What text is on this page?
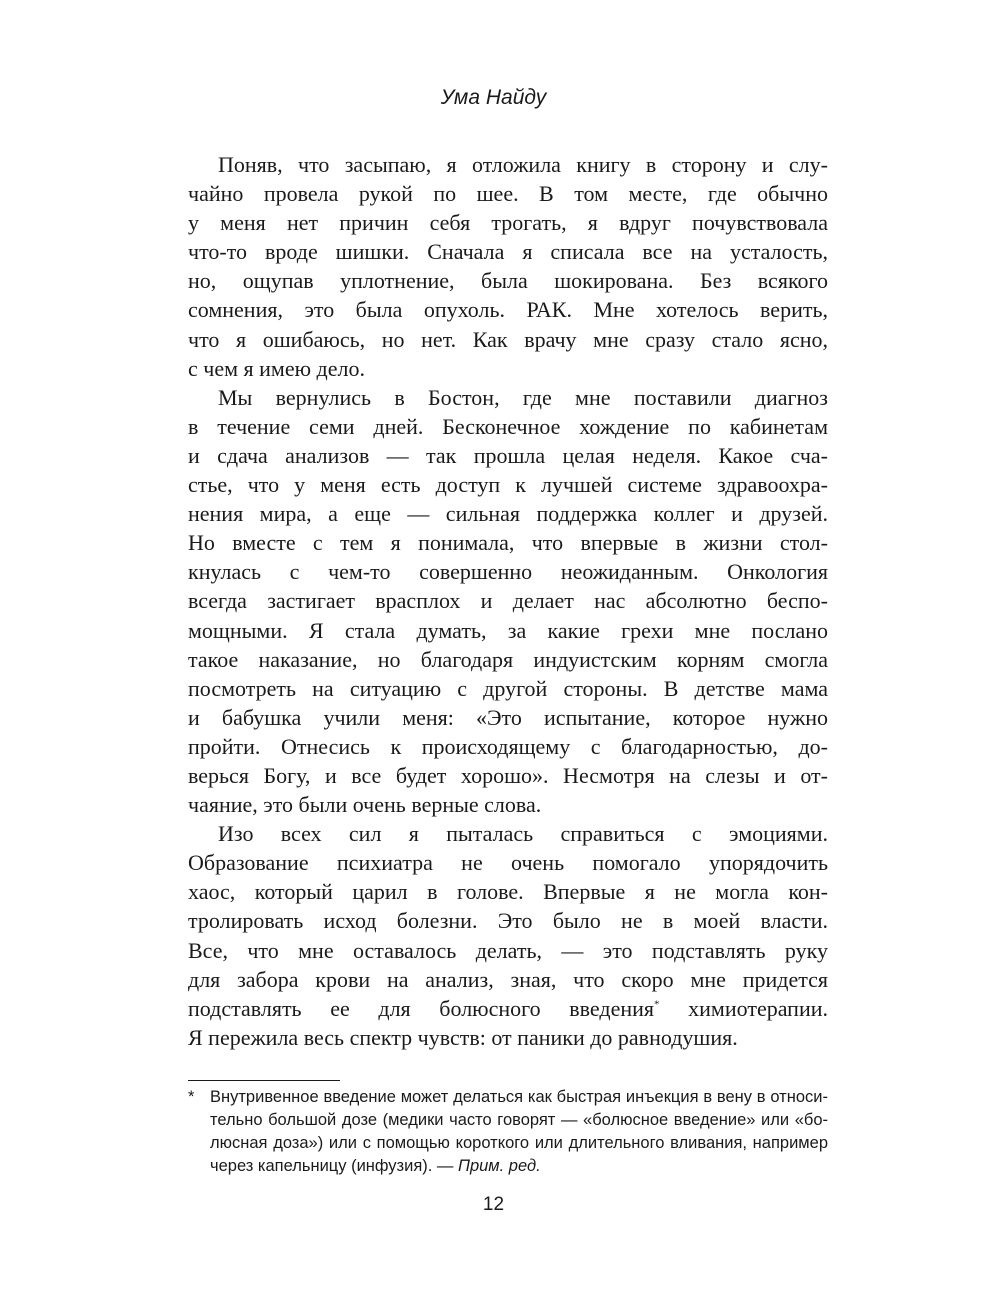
Ума Найду
Поняв, что засыпаю, я отложила книгу в сторону и слу-
чайно провела рукой по шее. В том месте, где обычно
у меня нет причин себя трогать, я вдруг почувствовала
что-то вроде шишки. Сначала я списала все на усталость,
но, ощупав уплотнение, была шокирована. Без всякого
сомнения, это была опухоль. РАК. Мне хотелось верить,
что я ошибаюсь, но нет. Как врачу мне сразу стало ясно,
с чем я имею дело.
Мы вернулись в Бостон, где мне поставили диагноз
в течение семи дней. Бесконечное хождение по кабинетам
и сдача анализов — так прошла целая неделя. Какое сча-
стье, что у меня есть доступ к лучшей системе здравоохра-
нения мира, а еще — сильная поддержка коллег и друзей.
Но вместе с тем я понимала, что впервые в жизни стол-
кнулась с чем-то совершенно неожиданным. Онкология
всегда застигает врасплох и делает нас абсолютно беспо-
мощными. Я стала думать, за какие грехи мне послано
такое наказание, но благодаря индуистским корням смогла
посмотреть на ситуацию с другой стороны. В детстве мама
и бабушка учили меня: «Это испытание, которое нужно
пройти. Отнесись к происходящему с благодарностью, до-
верься Богу, и все будет хорошо». Несмотря на слезы и от-
чаяние, это были очень верные слова.
Изо всех сил я пыталась справиться с эмоциями.
Образование психиатра не очень помогало упорядочить
хаос, который царил в голове. Впервые я не могла кон-
тролировать исход болезни. Это было не в моей власти.
Все, что мне оставалось делать, — это подставлять руку
для забора крови на анализ, зная, что скоро мне придется
подставлять ее для болюсного введения* химиотерапии.
Я пережила весь спектр чувств: от паники до равнодушия.
* Внутривенное введение может делаться как быстрая инъекция в вену в относи-
тельно большой дозе (медики часто говорят — «болюсное введение» или «бо-
люсная доза») или с помощью короткого или длительного вливания, например
через капельницу (инфузия). — Прим. ред.
12
